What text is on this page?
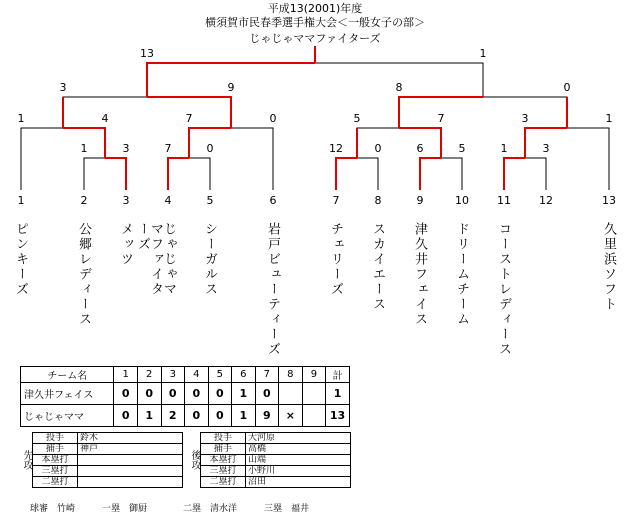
平成13(2001)年度
横須賀市民春季選手権大会＜一般女子の部＞
じゃじゃママファイターズ
1	3	7	0	12	0	6	5	1	3
1	4	7	0	5	7	3	1
3	9	8	0
13	1
1	2	3	4	5	6	7	8	9	10	11	12	13
ピンキーズ	公郷レディース メッツ	じゃじゃママファイターズ	シーガルス	岩戸ビューティーズ	チェリーズ スカイエース 津久井フェイス ドリームチーム コーストレディース	久里浜ソフト
チーム名	1	2	3	4	5	6	7	8	9	計
津久井フェイス	0	0	0	0	0	1	0			1
じゃじゃママ	0	1	2	0	0	1	9	×		13
先攻	投手	鈴木
	捕手	神戸
	本塁打	
	三塁打	
	二塁打	
後攻	投手	大河原
	捕手	高橋
	本塁打	山端
	三塁打	小野川
	二塁打	沼田
球審　竹崎　　　一塁　御厨　　　　二塁　清水洋　　　三塁　福井
